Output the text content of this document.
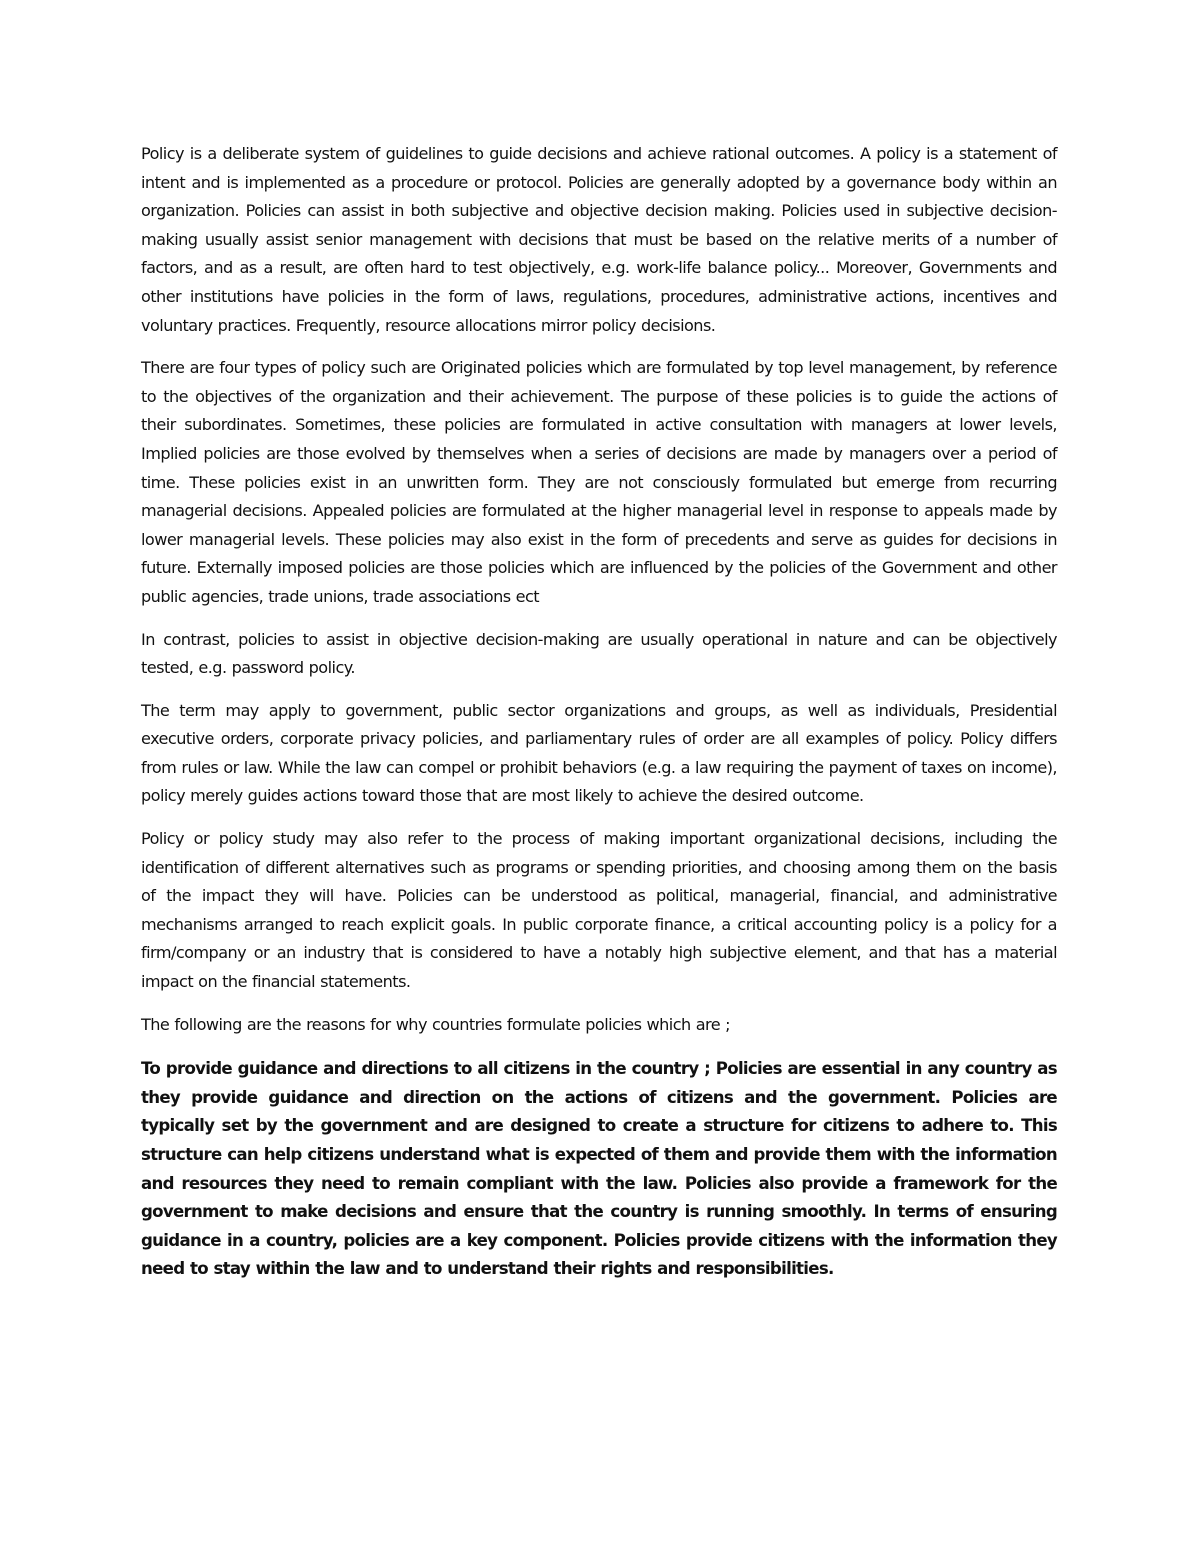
Policy is a deliberate system of guidelines to guide decisions and achieve rational outcomes. A policy is a statement of intent and is implemented as a procedure or protocol. Policies are generally adopted by a governance body within an organization. Policies can assist in both subjective and objective decision making. Policies used in subjective decision-making usually assist senior management with decisions that must be based on the relative merits of a number of factors, and as a result, are often hard to test objectively, e.g. work-life balance policy... Moreover, Governments and other institutions have policies in the form of laws, regulations, procedures, administrative actions, incentives and voluntary practices. Frequently, resource allocations mirror policy decisions.

There are four types of policy such are Originated policies which are formulated by top level management, by reference to the objectives of the organization and their achievement. The purpose of these policies is to guide the actions of their subordinates. Sometimes, these policies are formulated in active consultation with managers at lower levels, Implied policies are those evolved by themselves when a series of decisions are made by managers over a period of time. These policies exist in an unwritten form. They are not consciously formulated but emerge from recurring managerial decisions. Appealed policies are formulated at the higher managerial level in response to appeals made by lower managerial levels. These policies may also exist in the form of precedents and serve as guides for decisions in future. Externally imposed policies are those policies which are influenced by the policies of the Government and other public agencies, trade unions, trade associations ect

In contrast, policies to assist in objective decision-making are usually operational in nature and can be objectively tested, e.g. password policy.

The term may apply to government, public sector organizations and groups, as well as individuals, Presidential executive orders, corporate privacy policies, and parliamentary rules of order are all examples of policy. Policy differs from rules or law. While the law can compel or prohibit behaviors (e.g. a law requiring the payment of taxes on income), policy merely guides actions toward those that are most likely to achieve the desired outcome.

Policy or policy study may also refer to the process of making important organizational decisions, including the identification of different alternatives such as programs or spending priorities, and choosing among them on the basis of the impact they will have. Policies can be understood as political, managerial, financial, and administrative mechanisms arranged to reach explicit goals. In public corporate finance, a critical accounting policy is a policy for a firm/company or an industry that is considered to have a notably high subjective element, and that has a material impact on the financial statements.

The following are the reasons for why countries formulate policies which are ;

To provide guidance and directions to all citizens in the country ; Policies are essential in any country as they provide guidance and direction on the actions of citizens and the government. Policies are typically set by the government and are designed to create a structure for citizens to adhere to. This structure can help citizens understand what is expected of them and provide them with the information and resources they need to remain compliant with the law. Policies also provide a framework for the government to make decisions and ensure that the country is running smoothly. In terms of ensuring guidance in a country, policies are a key component. Policies provide citizens with the information they need to stay within the law and to understand their rights and responsibilities.
